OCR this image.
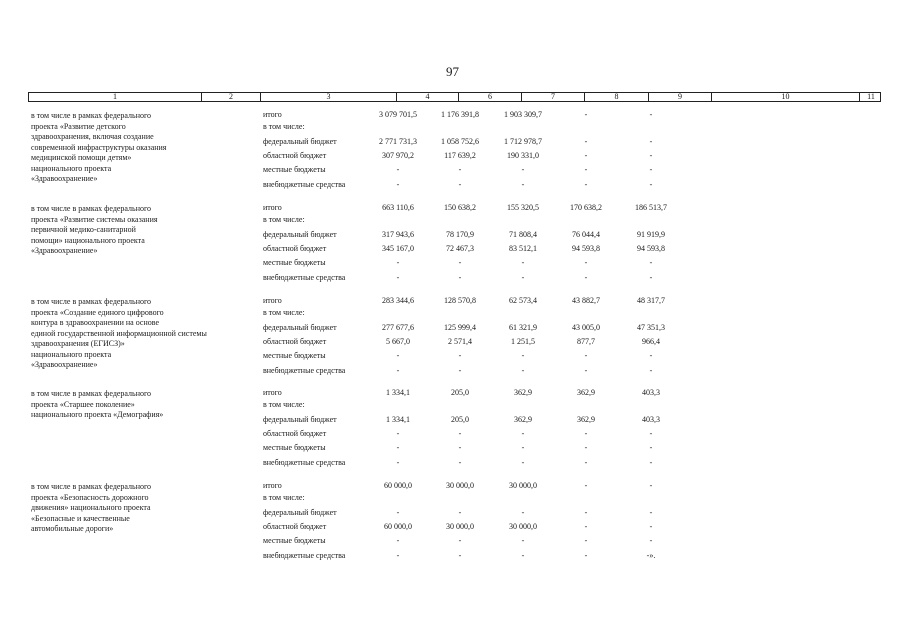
97
1	2	3	4	6	7	8	9	10	11
в том числе в рамках федерального
проекта «Развитие детского
здравоохранения, включая создание
современной инфраструктуры оказания
медицинской помощи детям»
национального проекта
«Здравоохранение»
итого	3 079 701,5	1 176 391,8	1 903 309,7	-	-
в том числе:
федеральный бюджет	2 771 731,3	1 058 752,6	1 712 978,7	-	-
областной бюджет	307 970,2	117 639,2	190 331,0	-	-
местные бюджеты	-	-	-	-	-
внебюджетные средства	-	-	-	-	-
в том числе в рамках федерального
проекта «Развитие системы оказания
первичной медико-санитарной
помощи» национального проекта
«Здравоохранение»
итого	663 110,6	150 638,2	155 320,5	170 638,2	186 513,7
в том числе:
федеральный бюджет	317 943,6	78 170,9	71 808,4	76 044,4	91 919,9
областной бюджет	345 167,0	72 467,3	83 512,1	94 593,8	94 593,8
местные бюджеты	-	-	-	-	-
внебюджетные средства	-	-	-	-	-
в том числе в рамках федерального
проекта «Создание единого цифрового
контура в здравоохранении на основе
единой государственной информационной системы
здравоохранения (ЕГИСЗ)»
национального проекта
«Здравоохранение»
итого	283 344,6	128 570,8	62 573,4	43 882,7	48 317,7
в том числе:
федеральный бюджет	277 677,6	125 999,4	61 321,9	43 005,0	47 351,3
областной бюджет	5 667,0	2 571,4	1 251,5	877,7	966,4
местные бюджеты	-	-	-	-	-
внебюджетные средства	-	-	-	-	-
в том числе в рамках федерального
проекта «Старшее поколение»
национального проекта «Демография»
итого	1 334,1	205,0	362,9	362,9	403,3
в том числе:
федеральный бюджет	1 334,1	205,0	362,9	362,9	403,3
областной бюджет	-	-	-	-	-
местные бюджеты	-	-	-	-	-
внебюджетные средства	-	-	-	-	-
в том числе в рамках федерального
проекта «Безопасность дорожного
движения» национального проекта
«Безопасные и качественные
автомобильные дороги»
итого	60 000,0	30 000,0	30 000,0	-	-
в том числе:
федеральный бюджет	-	-	-	-	-
областной бюджет	60 000,0	30 000,0	30 000,0	-	-
местные бюджеты	-	-	-	-	-
внебюджетные средства	-	-	-	-	-».
